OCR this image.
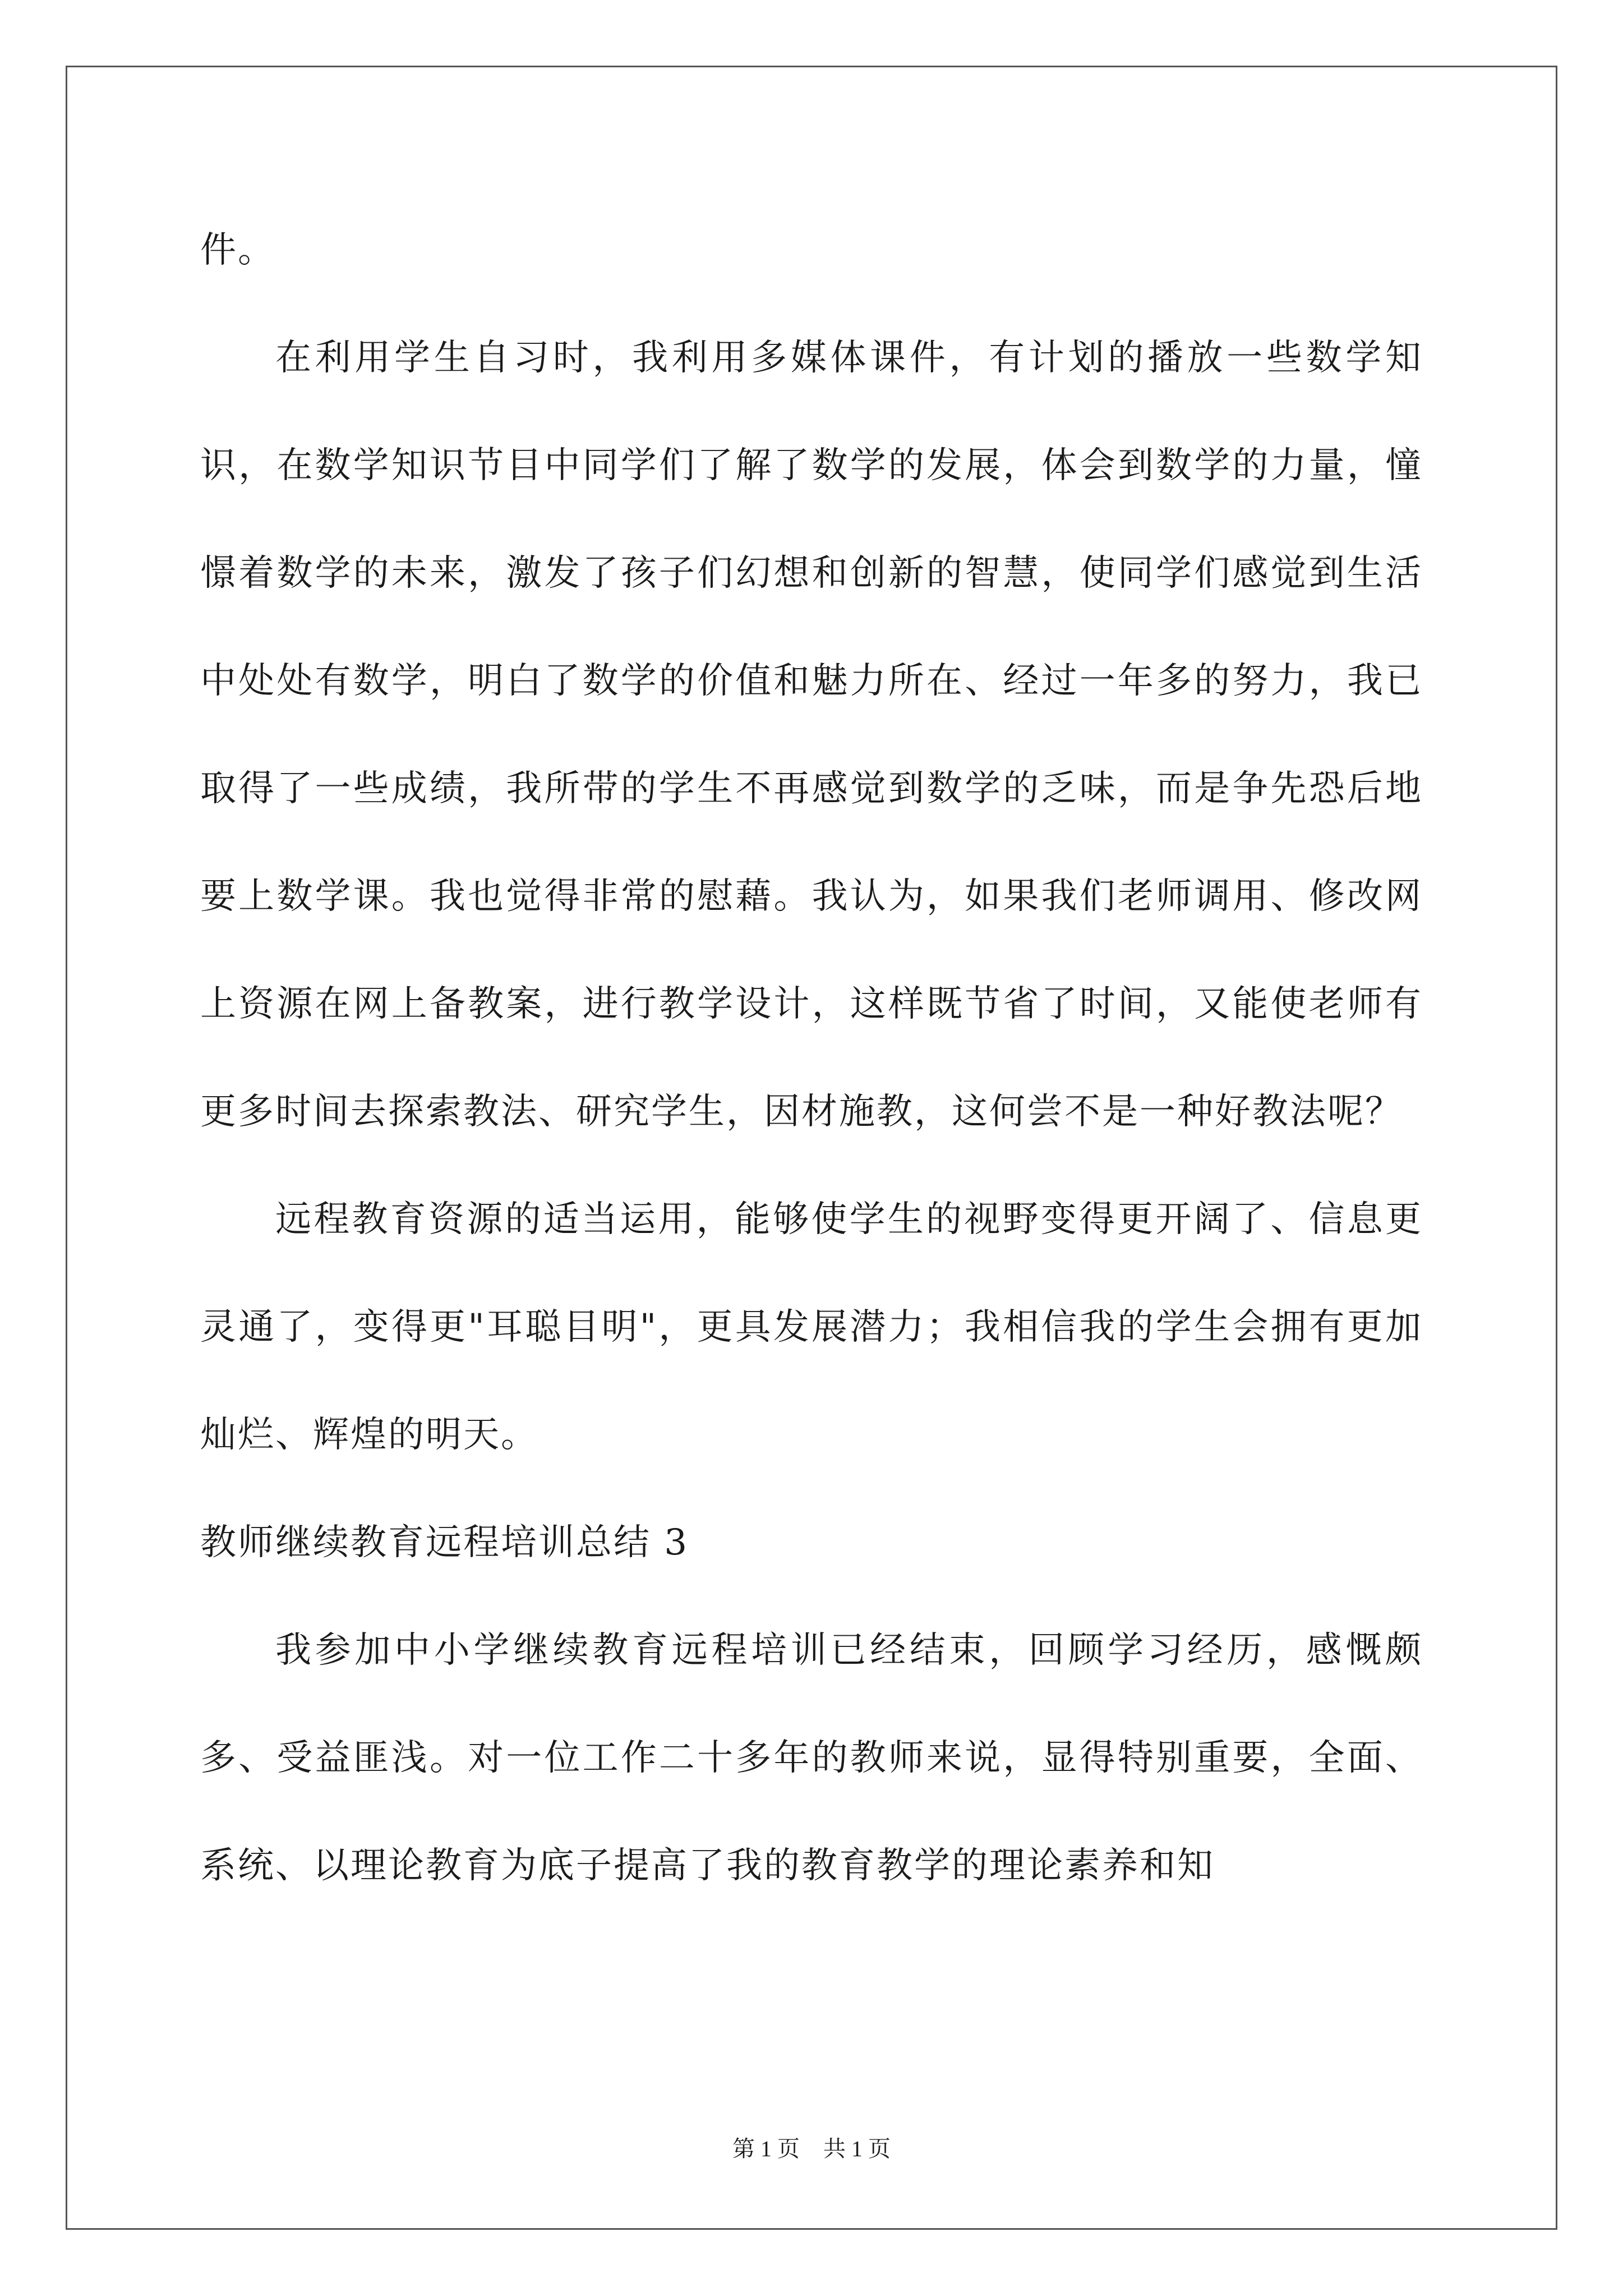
件。

在利用学生自习时，我利用多媒体课件，有计划的播放一些数学知识，在数学知识节目中同学们了解了数学的发展，体会到数学的力量，憧憬着数学的未来，激发了孩子们幻想和创新的智慧，使同学们感觉到生活中处处有数学，明白了数学的价值和魅力所在、经过一年多的努力，我已取得了一些成绩，我所带的学生不再感觉到数学的乏味，而是争先恐后地要上数学课。我也觉得非常的慰藉。我认为，如果我们老师调用、修改网上资源在网上备教案，进行教学设计，这样既节省了时间，又能使老师有更多时间去探索教法、研究学生，因材施教，这何尝不是一种好教法呢？

远程教育资源的适当运用，能够使学生的视野变得更开阔了、信息更灵通了，变得更"耳聪目明"，更具发展潜力；我相信我的学生会拥有更加灿烂、辉煌的明天。

教师继续教育远程培训总结 3

我参加中小学继续教育远程培训已经结束，回顾学习经历，感慨颇多、受益匪浅。对一位工作二十多年的教师来说，显得特别重要，全面、系统、以理论教育为底子提高了我的教育教学的理论素养和知

第 1 页 共 1 页
